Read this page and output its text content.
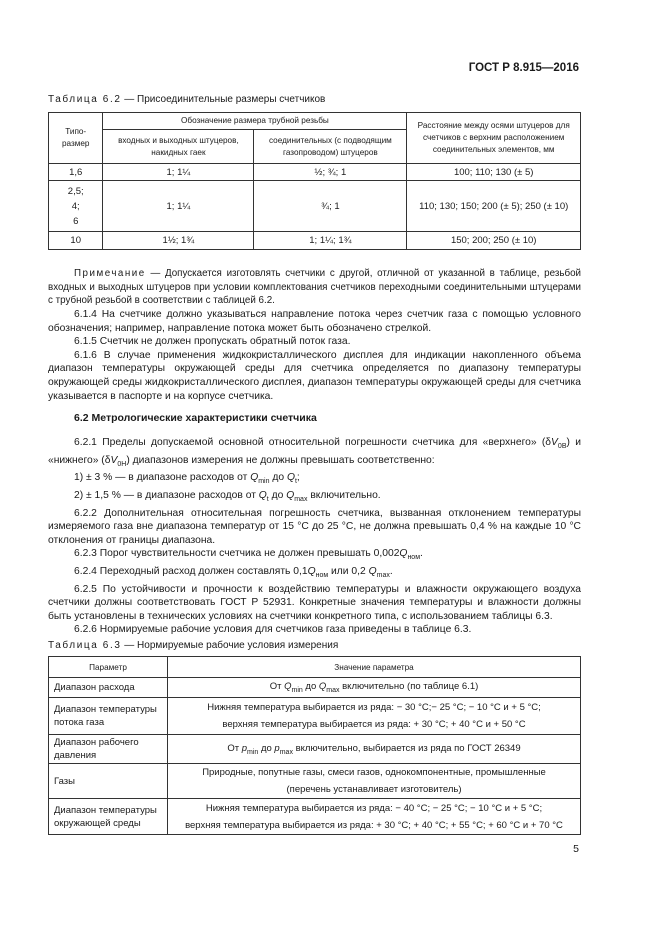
ГОСТ Р 8.915—2016
Таблица 6.2 — Присоединительные размеры счетчиков
Типо-размер	Обозначение размера трубной резьбы		Расстояние между осями штуцеров для счетчиков с верхним расположением соединительных элементов, мм
	входных и выходных штуцеров, накидных гаек	соединительных (с подводящим газопроводом) штуцеров	
1,6	1; 1¼	½; ¾; 1	100; 110; 130 (± 5)
2,5;
4;
6	1; 1¼	¾; 1	110; 130; 150; 200 (± 5); 250 (± 10)
10	1½; 1¾	1; 1¼; 1¾	150; 200; 250 (± 10)
Примечание — Допускается изготовлять счетчики с другой, отличной от указанной в таблице, резьбой входных и выходных штуцеров при условии комплектования счетчиков переходными соединительными штуцерами с трубной резьбой в соответствии с таблицей 6.2.

6.1.4 На счетчике должно указываться направление потока через счетчик газа с помощью условного обозначения; например, направление потока может быть обозначено стрелкой.

6.1.5 Счетчик не должен пропускать обратный поток газа.

6.1.6 В случае применения жидкокристаллического дисплея для индикации накопленного объема диапазон температуры окружающей среды для счетчика определяется по диапазону температуры окружающей среды жидкокристаллического дисплея, диапазон температуры окружающей среды для счетчика указывается в паспорте и на корпусе счетчика.

6.2 Метрологические характеристики счетчика

6.2.1 Пределы допускаемой основной относительной погрешности счетчика для «верхнего» $(\delta V_{0В})$ и «нижнего» $(\delta V_{0Н})$ диапазонов измерения не должны превышать соответственно:

1) ± 3 % — в диапазоне расходов от $Q_{min}$ до $Q_t$;

2) ± 1,5 % — в диапазоне расходов от $Q_t$ до $Q_{max}$ включительно.

6.2.2 Дополнительная относительная погрешность счетчика, вызванная отклонением температуры измеряемого газа вне диапазона температур от 15 °С до 25 °С, не должна превышать 0,4 % на каждые 10 °С отклонения от границы диапазона.

6.2.3 Порог чувствительности счетчика не должен превышать $0,002Q_{ном}$.

6.2.4 Переходный расход должен составлять $0,1Q_{ном}$ или 0,2 $Q_{max}$.

6.2.5 По устойчивости и прочности к воздействию температуры и влажности окружающего воздуха счетчики должны соответствовать ГОСТ Р 52931. Конкретные значения температуры и влажности должны быть установлены в технических условиях на счетчики конкретного типа, с использованием таблицы 6.3.

6.2.6 Нормируемые рабочие условия для счетчиков газа приведены в таблице 6.3.

Таблица 6.3 — Нормируемые рабочие условия измерения
Параметр	Значение параметра
Диапазон расхода	От $Q_{min}$ до $Q_{max}$ включительно (по таблице 6.1)
Диапазон температуры потока газа	Нижняя температура выбирается из ряда: − 30 °С;− 25 °С; − 10 °С и + 5 °С;
верхняя температура выбирается из ряда: + 30 °С; + 40 °С и + 50 °С
Диапазон рабочего давления	От $p_{min}$ до $p_{max}$ включительно, выбирается из ряда по ГОСТ 26349
Газы	Природные, попутные газы, смеси газов, однокомпонентные, промышленные
(перечень устанавливает изготовитель)
Диапазон температуры окружающей среды	Нижняя температура выбирается из ряда: − 40 °С; − 25 °С; − 10 °С и + 5 °С;
верхняя температура выбирается из ряда: + 30 °С; + 40 °С; + 55 °С; + 60 °С и + 70 °С
5
